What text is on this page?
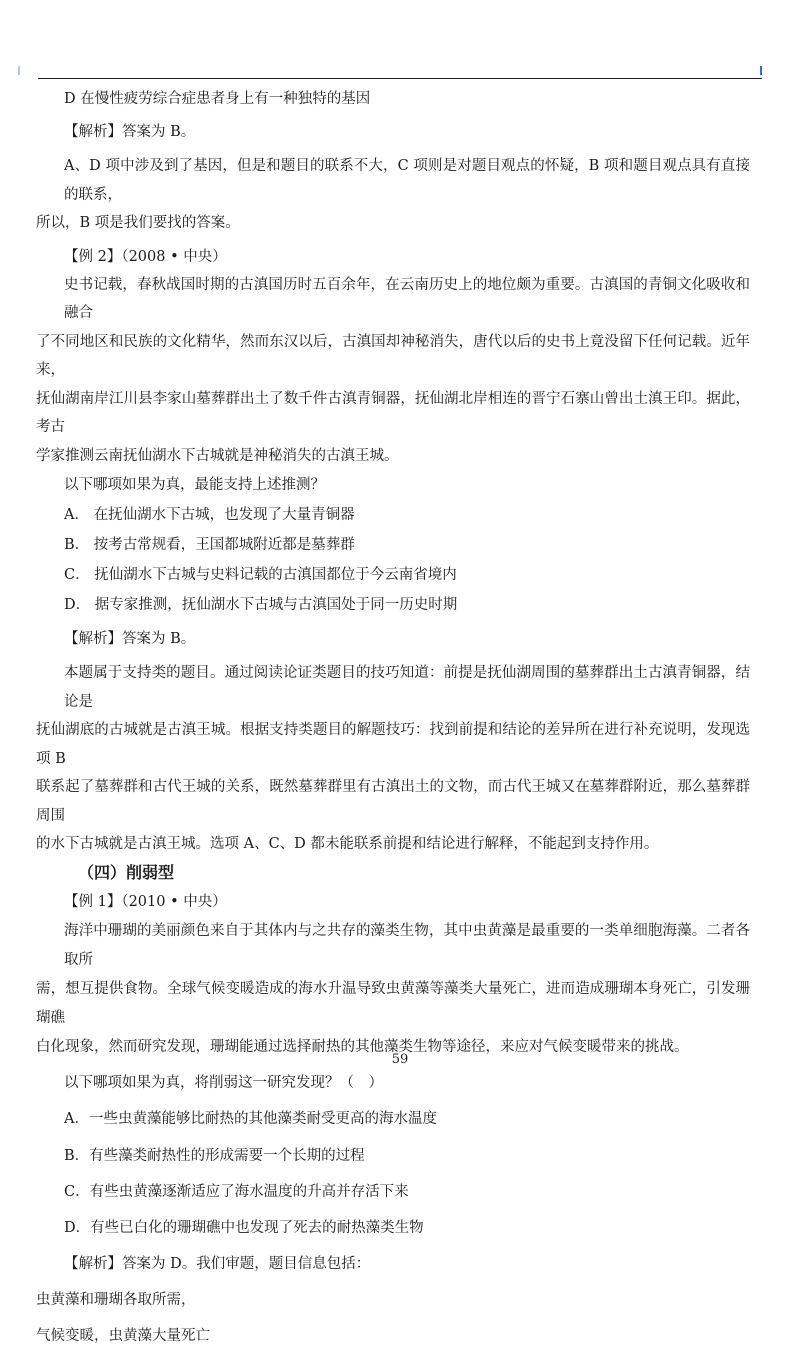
D 在慢性疲劳综合症患者身上有一种独特的基因

【解析】答案为 B。

A、D 项中涉及到了基因，但是和题目的联系不大，C 项则是对题目观点的怀疑，B 项和题目观点具有直接的联系，
所以，B 项是我们要找的答案。

【例 2】（2008 • 中央）

史书记载，春秋战国时期的古滇国历时五百余年，在云南历史上的地位颇为重要。古滇国的青铜文化吸收和融合
了不同地区和民族的文化精华，然而东汉以后，古滇国却神秘消失，唐代以后的史书上竟没留下任何记载。近年来，
抚仙湖南岸江川县李家山墓葬群出土了数千件古滇青铜器，抚仙湖北岸相连的晋宁石寨山曾出土滇王印。据此，考古
学家推测云南抚仙湖水下古城就是神秘消失的古滇王城。

以下哪项如果为真，最能支持上述推测？

A． 在抚仙湖水下古城，也发现了大量青铜器

B． 按考古常规看，王国都城附近都是墓葬群

C． 抚仙湖水下古城与史料记载的古滇国都位于今云南省境内

D． 据专家推测，抚仙湖水下古城与古滇国处于同一历史时期

【解析】答案为 B。

本题属于支持类的题目。通过阅读论证类题目的技巧知道：前提是抚仙湖周围的墓葬群出土古滇青铜器，结论是
抚仙湖底的古城就是古滇王城。根据支持类题目的解题技巧：找到前提和结论的差异所在进行补充说明，发现选项 B
联系起了墓葬群和古代王城的关系，既然墓葬群里有古滇出土的文物，而古代王城又在墓葬群附近，那么墓葬群周围
的水下古城就是古滇王城。选项 A、C、D 都未能联系前提和结论进行解释，不能起到支持作用。
（四）削弱型

【例 1】（2010 • 中央）

海洋中珊瑚的美丽颜色来自于其体内与之共存的藻类生物，其中虫黄藻是最重要的一类单细胞海藻。二者各取所
需，想互提供食物。全球气候变暖造成的海水升温导致虫黄藻等藻类大量死亡，进而造成珊瑚本身死亡，引发珊瑚礁
白化现象，然而研究发现，珊瑚能通过选择耐热的其他藻类生物等途径，来应对气候变暖带来的挑战。

以下哪项如果为真，将削弱这一研究发现？（　）

A．一些虫黄藻能够比耐热的其他藻类耐受更高的海水温度

B．有些藻类耐热性的形成需要一个长期的过程

C．有些虫黄藻逐渐适应了海水温度的升高并存活下来

D．有些已白化的珊瑚礁中也发现了死去的耐热藻类生物

【解析】答案为 D。我们审题，题目信息包括：

虫黄藻和珊瑚各取所需，

气候变暖，虫黄藻大量死亡

59
